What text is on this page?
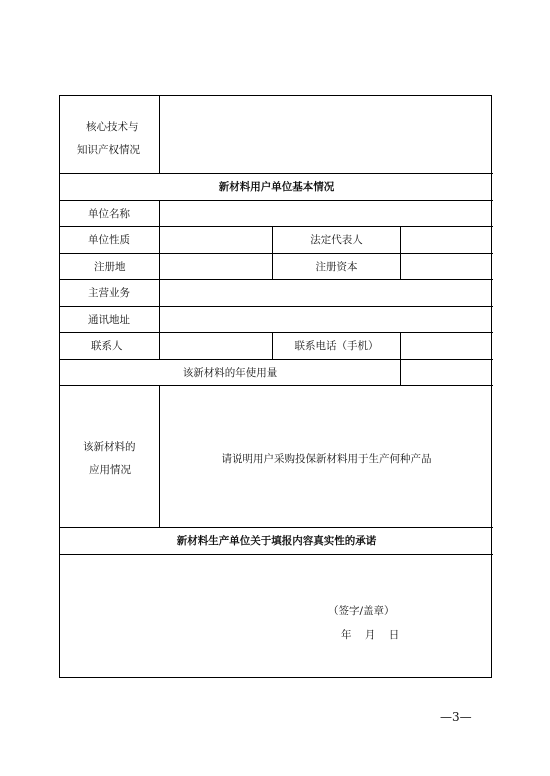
核心技术与
知识产权情况
新材料用户单位基本情况
单位名称
单位性质	法定代表人
注册地	注册资本
主营业务
通讯地址
联系人	联系电话（手机）
该新材料的年使用量
该新材料的
应用情况
请说明用户采购投保新材料用于生产何种产品
新材料生产单位关于填报内容真实性的承诺
（签字/盖章）
年    月    日
—3—
